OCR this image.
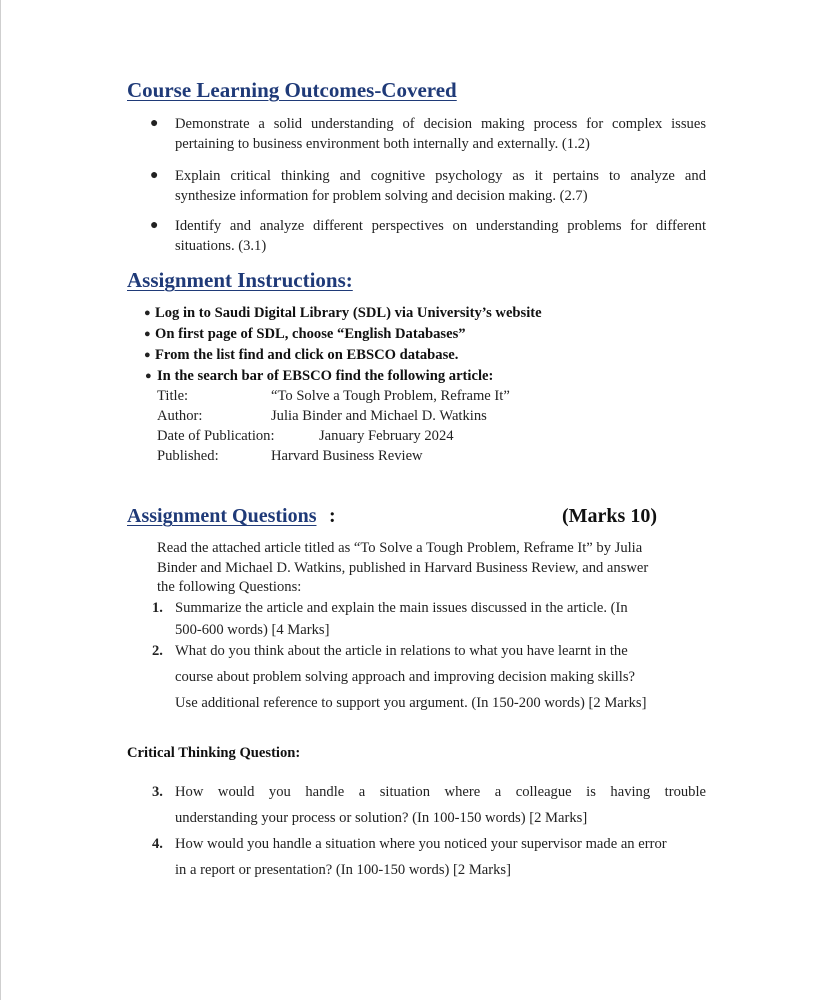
Course Learning Outcomes-Covered
● Demonstrate a solid understanding of decision making process for complex issues
pertaining to business environment both internally and externally. (1.2)
● Explain critical thinking and cognitive psychology as it pertains to analyze and
synthesize information for problem solving and decision making. (2.7)
● Identify and analyze different perspectives on understanding problems for different
situations. (3.1)
Assignment Instructions:
● Log in to Saudi Digital Library (SDL) via University’s website
● On first page of SDL, choose “English Databases”
● From the list find and click on EBSCO database.
● In the search bar of EBSCO find the following article:
Title:	“To Solve a Tough Problem, Reframe It”
Author:	Julia Binder and Michael D. Watkins
Date of Publication:	January February 2024
Published:	Harvard Business Review
Assignment Questions :	(Marks 10)
Read the attached article titled as “To Solve a Tough Problem, Reframe It” by Julia
Binder and Michael D. Watkins, published in Harvard Business Review, and answer
the following Questions:
1. Summarize the article and explain the main issues discussed in the article. (In
500-600 words) [4 Marks]
2. What do you think about the article in relations to what you have learnt in the
course about problem solving approach and improving decision making skills?
Use additional reference to support you argument. (In 150-200 words) [2 Marks]
Critical Thinking Question:
3. How would you handle a situation where a colleague is having trouble
understanding your process or solution? (In 100-150 words) [2 Marks]
4. How would you handle a situation where you noticed your supervisor made an error
in a report or presentation? (In 100-150 words) [2 Marks]
